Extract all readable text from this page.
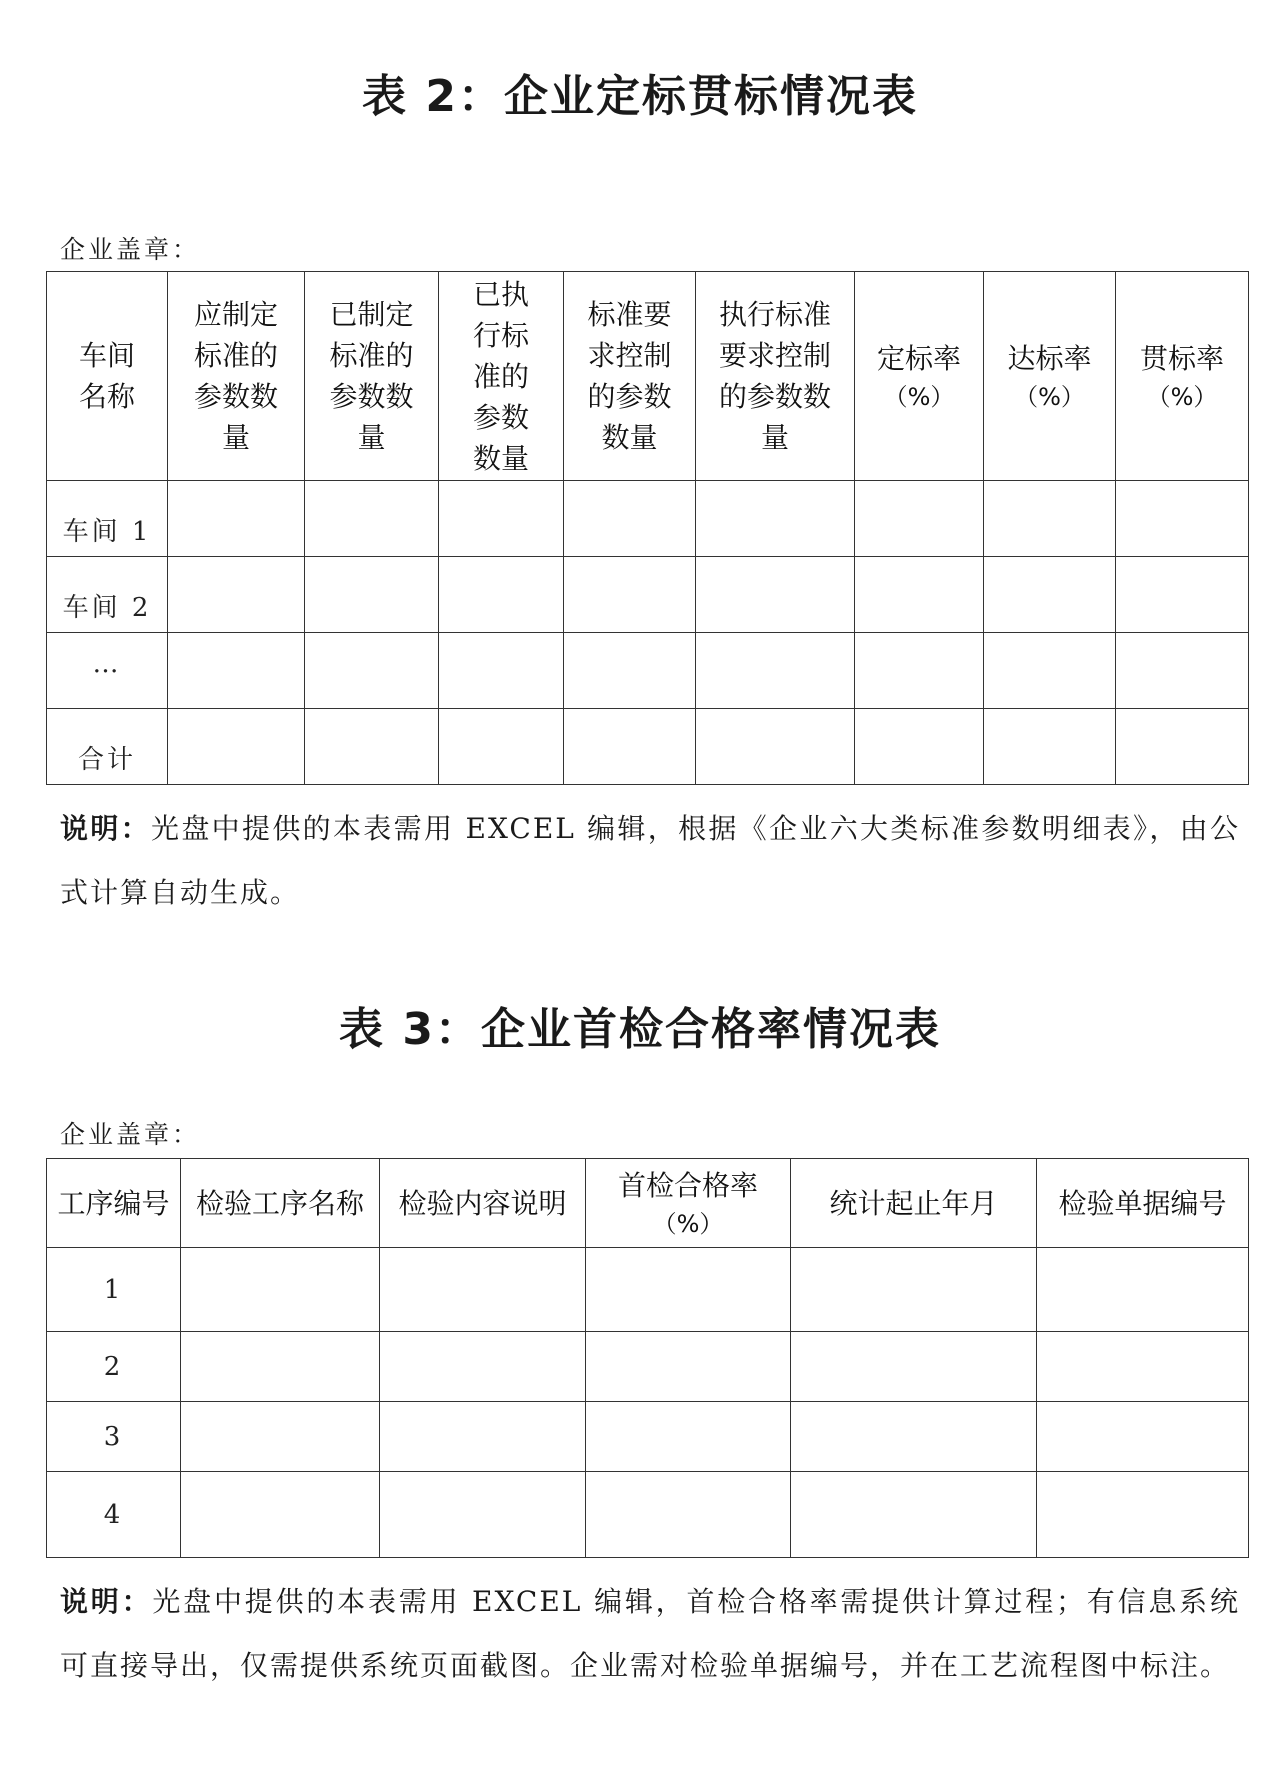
表 2：企业定标贯标情况表
企业盖章：
车间
名称	应制定
标准的
参数数
量	已制定
标准的
参数数
量	已执
行标
准的
参数
数量	标准要
求控制
的参数
数量	执行标准
要求控制
的参数数
量	定标率
（%）	达标率
（%）	贯标率
（%）

车间 1								
车间 2								
…								
合计								
说明：光盘中提供的本表需用 EXCEL 编辑，根据《企业六大类标准参数明细表》，由公式计算自动生成。
表 3：企业首检合格率情况表
企业盖章：
工序编号	检验工序名称	检验内容说明	首检合格率
（%）	统计起止年月	检验单据编号
1					
2					
3					
4					
说明：光盘中提供的本表需用 EXCEL 编辑，首检合格率需提供计算过程；有信息系统可直接导出，仅需提供系统页面截图。企业需对检验单据编号，并在工艺流程图中标注。
